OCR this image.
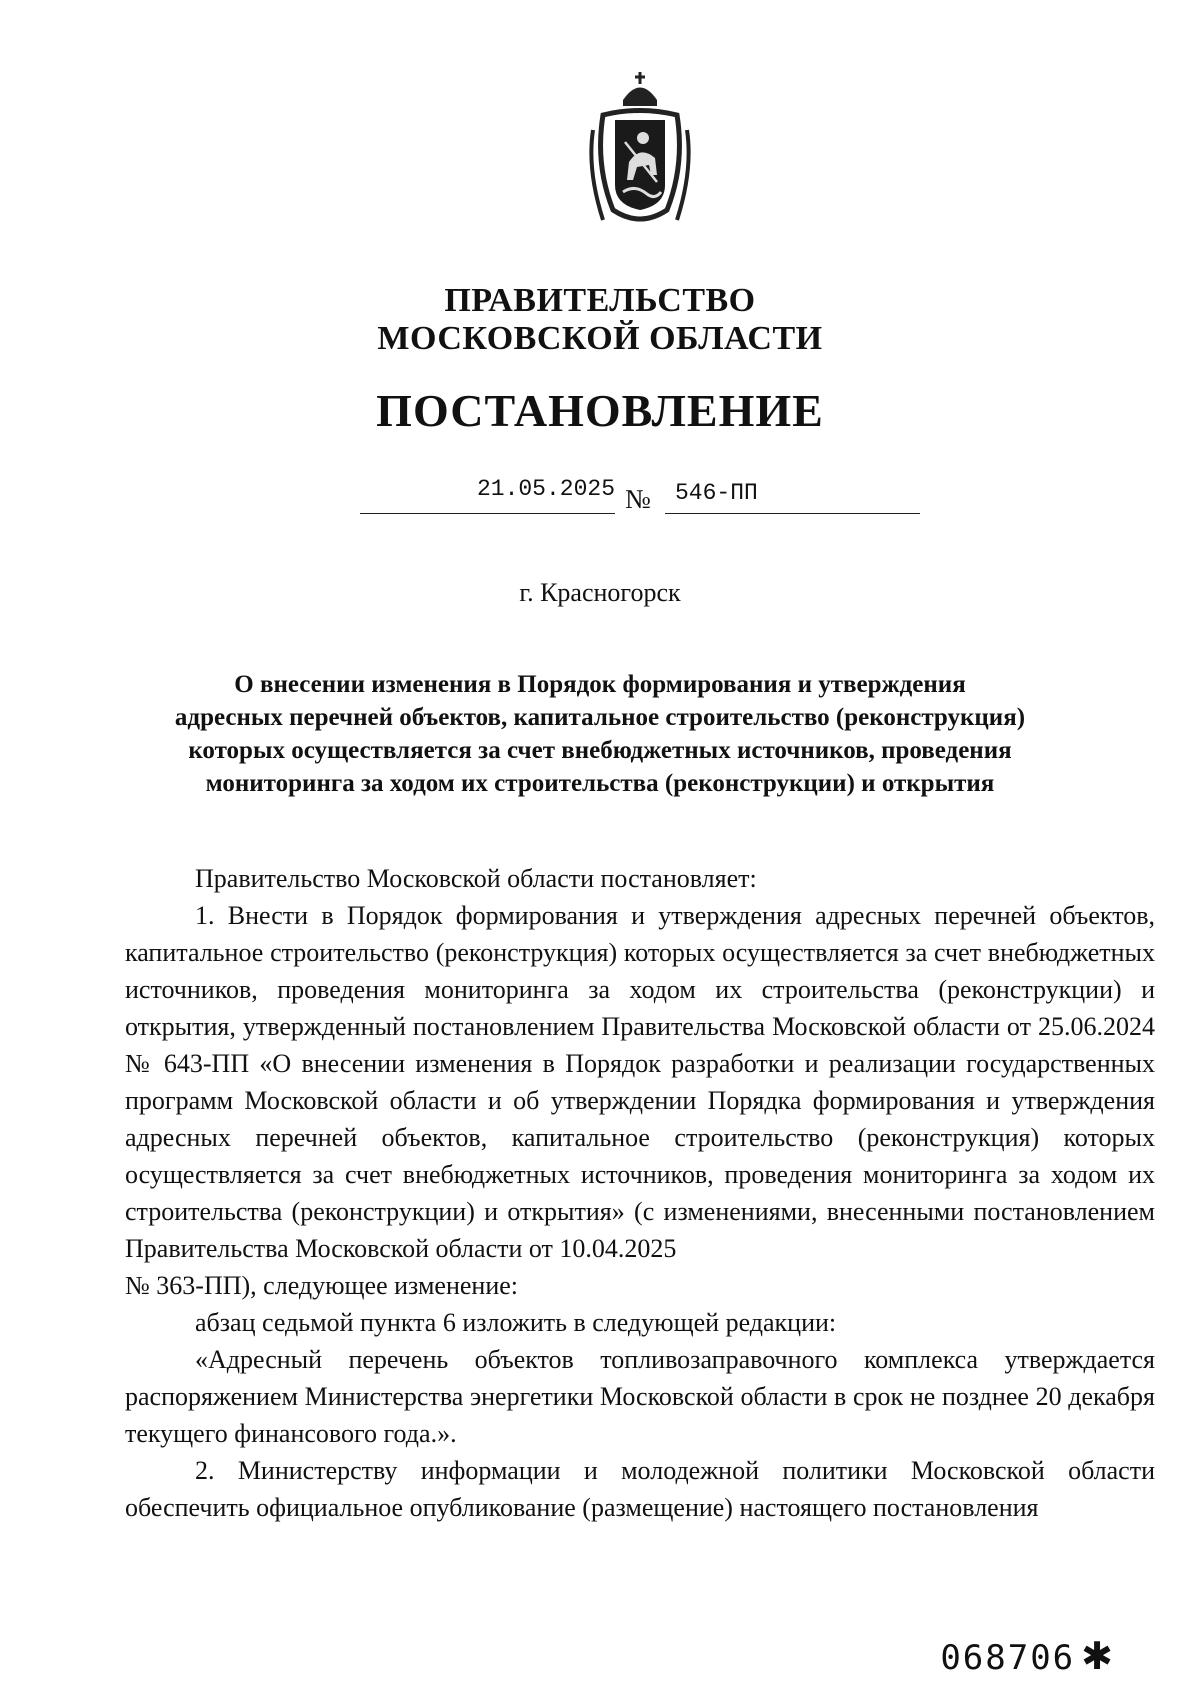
ПРАВИТЕЛЬСТВО
МОСКОВСКОЙ ОБЛАСТИ
ПОСТАНОВЛЕНИЕ
21.05.2025 № 546-ПП
г. Красногорск
О внесении изменения в Порядок формирования и утверждения
адресных перечней объектов, капитальное строительство (реконструкция)
которых осуществляется за счет внебюджетных источников, проведения
мониторинга за ходом их строительства (реконструкции) и открытия

Правительство Московской области постановляет:

1. Внести в Порядок формирования и утверждения адресных перечней объектов, капитальное строительство (реконструкция) которых осуществляется за счет внебюджетных источников, проведения мониторинга за ходом их строительства (реконструкции) и открытия, утвержденный постановлением Правительства Московской области от 25.06.2024 № 643-ПП «О внесении изменения в Порядок разработки и реализации государственных программ Московской области и об утверждении Порядка формирования и утверждения адресных перечней объектов, капитальное строительство (реконструкция) которых осуществляется за счет внебюджетных источников, проведения мониторинга за ходом их строительства (реконструкции) и открытия» (с изменениями, внесенными постановлением Правительства Московской области от 10.04.2025

№ 363-ПП), следующее изменение:

абзац седьмой пункта 6 изложить в следующей редакции:

«Адресный перечень объектов топливозаправочного комплекса утверждается распоряжением Министерства энергетики Московской области в срок не позднее 20 декабря текущего финансового года.».

2. Министерству информации и молодежной политики Московской области обеспечить официальное опубликование (размещение) настоящего постановления

068706 ✱
